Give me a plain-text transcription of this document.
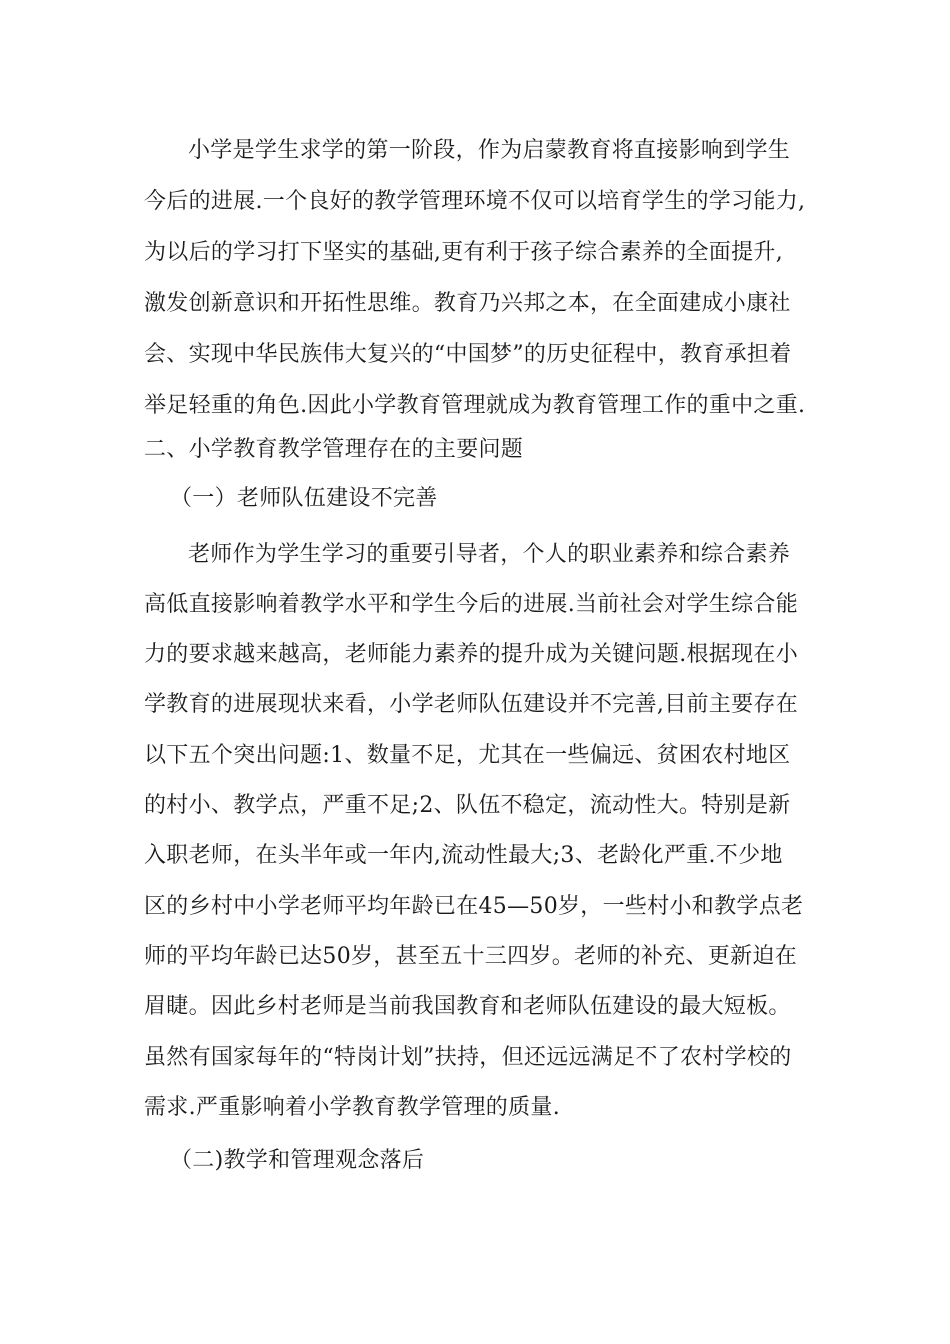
小学是学生求学的第一阶段，作为启蒙教育将直接影响到学生
今后的进展.一个良好的教学管理环境不仅可以培育学生的学习能力,
为以后的学习打下坚实的基础,更有利于孩子综合素养的全面提升,
激发创新意识和开拓性思维。教育乃兴邦之本，在全面建成小康社
会、实现中华民族伟大复兴的“中国梦”的历史征程中，教育承担着
举足轻重的角色.因此小学教育管理就成为教育管理工作的重中之重.
二、小学教育教学管理存在的主要问题
（一）老师队伍建设不完善
老师作为学生学习的重要引导者，个人的职业素养和综合素养
高低直接影响着教学水平和学生今后的进展.当前社会对学生综合能
力的要求越来越高，老师能力素养的提升成为关键问题.根据现在小
学教育的进展现状来看，小学老师队伍建设并不完善,目前主要存在
以下五个突出问题:1、数量不足，尤其在一些偏远、贫困农村地区
的村小、教学点，严重不足;2、队伍不稳定，流动性大。特别是新
入职老师，在头半年或一年内,流动性最大;3、老龄化严重.不少地
区的乡村中小学老师平均年龄已在45—50岁，一些村小和教学点老
师的平均年龄已达50岁，甚至五十三四岁。老师的补充、更新迫在
眉睫。因此乡村老师是当前我国教育和老师队伍建设的最大短板。
虽然有国家每年的“特岗计划”扶持，但还远远满足不了农村学校的
需求.严重影响着小学教育教学管理的质量.
（二)教学和管理观念落后
